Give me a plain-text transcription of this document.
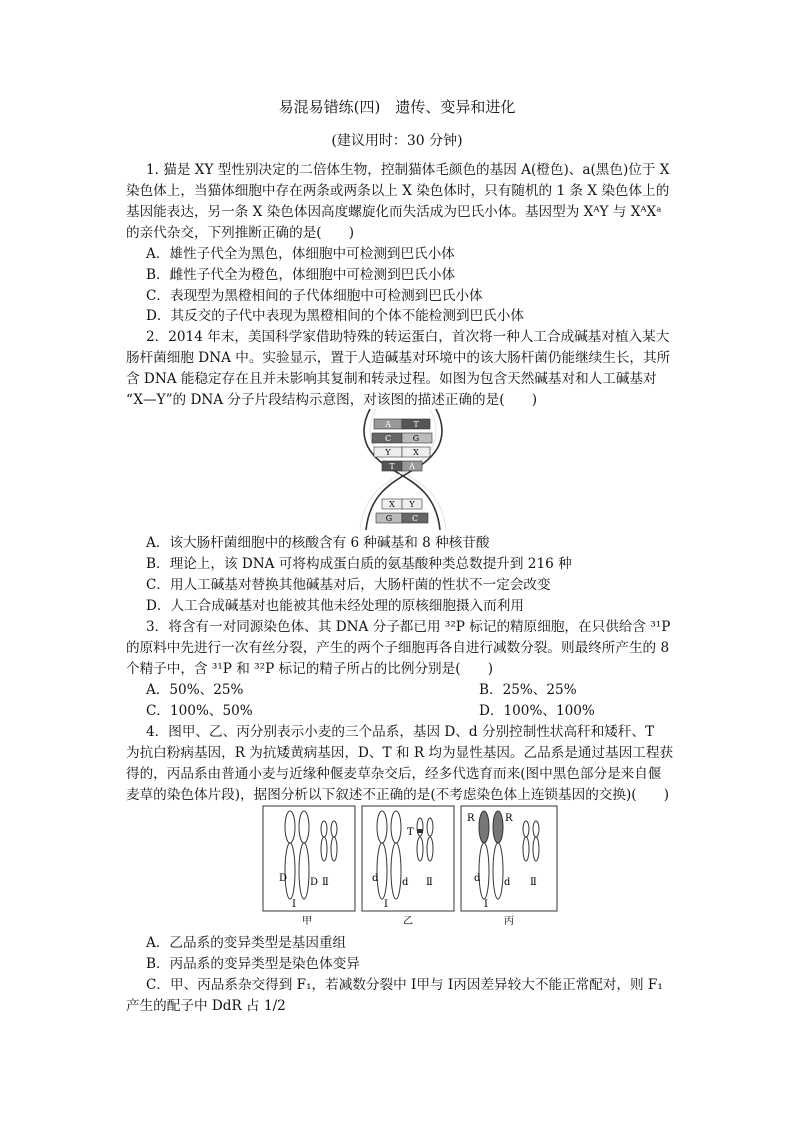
易混易错练(四)　遗传、变异和进化
(建议用时：30 分钟)
1. 猫是 XY 型性别决定的二倍体生物，控制猫体毛颜色的基因 A(橙色)、a(黑色)位于 X
染色体上，当猫体细胞中存在两条或两条以上 X 染色体时，只有随机的 1 条 X 染色体上的
基因能表达，另一条 X 染色体因高度螺旋化而失活成为巴氏小体。基因型为 XᴬY 与 XᴬXᵃ
的亲代杂交，下列推断正确的是(　　)
A．雄性子代全为黑色，体细胞中可检测到巴氏小体
B．雌性子代全为橙色，体细胞中可检测到巴氏小体
C．表现型为黑橙相间的子代体细胞中可检测到巴氏小体
D．其反交的子代中表现为黑橙相间的个体不能检测到巴氏小体
2．2014 年末，美国科学家借助特殊的转运蛋白，首次将一种人工合成碱基对植入某大
肠杆菌细胞 DNA 中。实验显示，置于人造碱基对环境中的该大肠杆菌仍能继续生长，其所
含 DNA 能稳定存在且并未影响其复制和转录过程。如图为包含天然碱基对和人工碱基对
“X—Y”的 DNA 分子片段结构示意图，对该图的描述正确的是(　　)
A	T
C	G
Y	X
T A
X Y
G C
A．该大肠杆菌细胞中的核酸含有 6 种碱基和 8 种核苷酸
B．理论上，该 DNA 可将构成蛋白质的氨基酸种类总数提升到 216 种
C．用人工碱基对替换其他碱基对后，大肠杆菌的性状不一定会改变
D．人工合成碱基对也能被其他未经处理的原核细胞摄入而利用
3．将含有一对同源染色体、其 DNA 分子都已用 ³²P 标记的精原细胞，在只供给含 ³¹P
的原料中先进行一次有丝分裂，产生的两个子细胞再各自进行减数分裂。则最终所产生的 8
个精子中，含 ³¹P 和 ³²P 标记的精子所占的比例分别是(　　)
A．50%、25%	B．25%、25%
C．100%、50%	D．100%、100%
4．图甲、乙、丙分别表示小麦的三个品系，基因 D、d 分别控制性状高秆和矮秆、T
为抗白粉病基因，R 为抗矮黄病基因，D、T 和 R 均为显性基因。乙品系是通过基因工程获
得的，丙品系由普通小麦与近缘种偃麦草杂交后，经多代选育而来(图中黑色部分是来自偃
麦草的染色体片段)，据图分析以下叙述不正确的是(不考虑染色体上连锁基因的交换)(　　)
D D
Ⅰ
Ⅱ
甲
T
d d
Ⅰ
Ⅱ
乙
R	R
d d
Ⅰ
Ⅱ
丙
A．乙品系的变异类型是基因重组
B．丙品系的变异类型是染色体变异
C．甲、丙品系杂交得到 F₁，若减数分裂中 Ⅰ甲与 Ⅰ丙因差异较大不能正常配对，则 F₁
产生的配子中 DdR 占 1/2
